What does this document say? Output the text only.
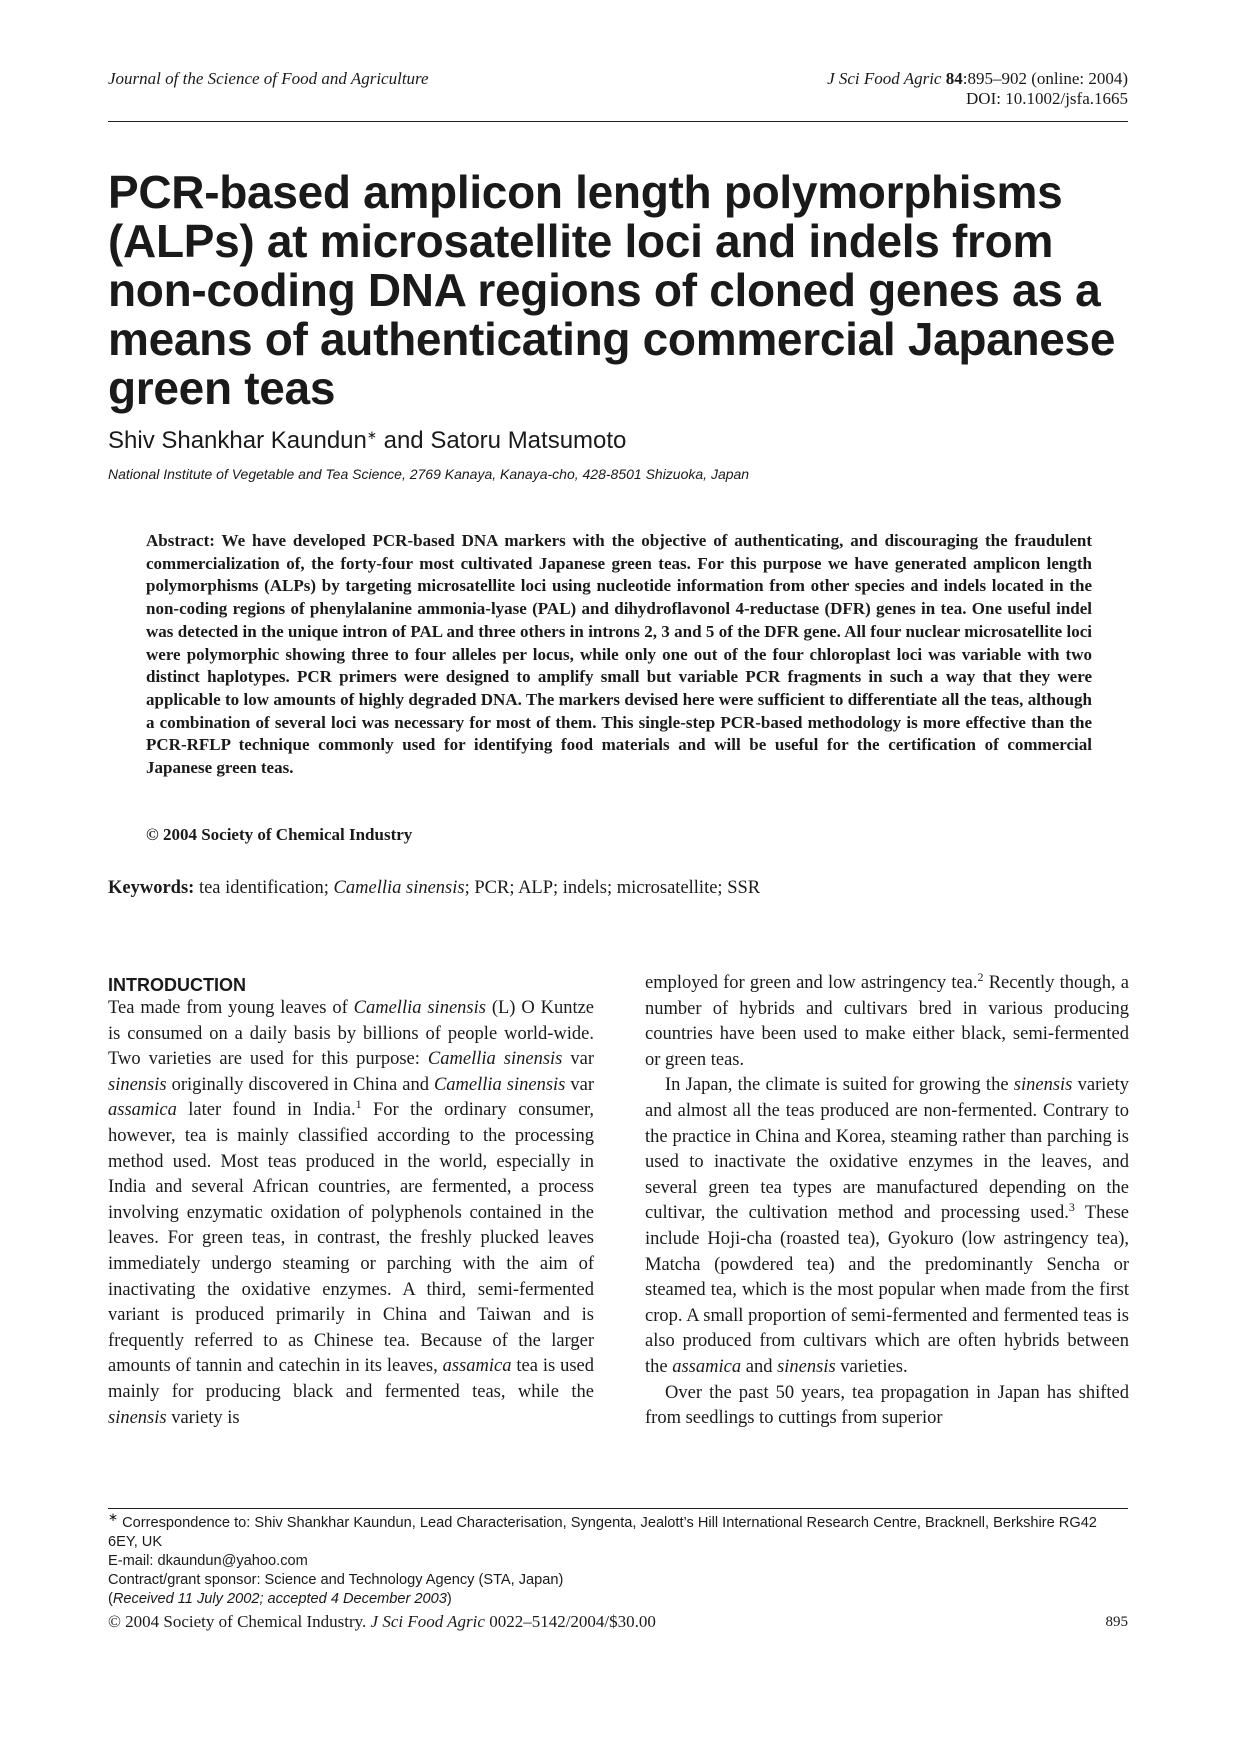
Journal of the Science of Food and Agriculture	J Sci Food Agric 84:895–902 (online: 2004)
DOI: 10.1002/jsfa.1665
PCR-based amplicon length polymorphisms (ALPs) at microsatellite loci and indels from non-coding DNA regions of cloned genes as a means of authenticating commercial Japanese green teas
Shiv Shankhar Kaundun∗ and Satoru Matsumoto
National Institute of Vegetable and Tea Science, 2769 Kanaya, Kanaya-cho, 428-8501 Shizuoka, Japan

Abstract: We have developed PCR-based DNA markers with the objective of authenticating, and discouraging the fraudulent commercialization of, the forty-four most cultivated Japanese green teas. For this purpose we have generated amplicon length polymorphisms (ALPs) by targeting microsatellite loci using nucleotide information from other species and indels located in the non-coding regions of phenylalanine ammonia-lyase (PAL) and dihydroflavonol 4-reductase (DFR) genes in tea. One useful indel was detected in the unique intron of PAL and three others in introns 2, 3 and 5 of the DFR gene. All four nuclear microsatellite loci were polymorphic showing three to four alleles per locus, while only one out of the four chloroplast loci was variable with two distinct haplotypes. PCR primers were designed to amplify small but variable PCR fragments in such a way that they were applicable to low amounts of highly degraded DNA. The markers devised here were sufficient to differentiate all the teas, although a combination of several loci was necessary for most of them. This single-step PCR-based methodology is more effective than the PCR-RFLP technique commonly used for identifying food materials and will be useful for the certification of commercial Japanese green teas.

© 2004 Society of Chemical Industry
Keywords: tea identification; Camellia sinensis; PCR; ALP; indels; microsatellite; SSR
INTRODUCTION

Tea made from young leaves of Camellia sinensis (L) O Kuntze is consumed on a daily basis by billions of people world-wide. Two varieties are used for this purpose: Camellia sinensis var sinensis originally discovered in China and Camellia sinensis var assamica later found in India.$^1$ For the ordinary consumer, however, tea is mainly classified according to the processing method used. Most teas produced in the world, especially in India and several African countries, are fermented, a process involving enzymatic oxidation of polyphenols contained in the leaves. For green teas, in contrast, the freshly plucked leaves immediately undergo steaming or parching with the aim of inactivating the oxidative enzymes. A third, semi-fermented variant is produced primarily in China and Taiwan and is frequently referred to as Chinese tea. Because of the larger amounts of tannin and catechin in its leaves, assamica tea is used mainly for producing black and fermented teas, while the sinensis variety is

employed for green and low astringency tea.$^2$ Recently though, a number of hybrids and cultivars bred in various producing countries have been used to make either black, semi-fermented or green teas.

In Japan, the climate is suited for growing the sinensis variety and almost all the teas produced are non-fermented. Contrary to the practice in China and Korea, steaming rather than parching is used to inactivate the oxidative enzymes in the leaves, and several green tea types are manufactured depending on the cultivar, the cultivation method and processing used.$^3$ These include Hoji-cha (roasted tea), Gyokuro (low astringency tea), Matcha (powdered tea) and the predominantly Sencha or steamed tea, which is the most popular when made from the first crop. A small proportion of semi-fermented and fermented teas is also produced from cultivars which are often hybrids between the assamica and sinensis varieties.

Over the past 50 years, tea propagation in Japan has shifted from seedlings to cuttings from superior

∗ Correspondence to: Shiv Shankhar Kaundun, Lead Characterisation, Syngenta, Jealott’s Hill International Research Centre, Bracknell, Berkshire RG42 6EY, UK
E-mail: dkaundun@yahoo.com
Contract/grant sponsor: Science and Technology Agency (STA, Japan)
(Received 11 July 2002; accepted 4 December 2003)
© 2004 Society of Chemical Industry. J Sci Food Agric 0022–5142/2004/$30.00	895
